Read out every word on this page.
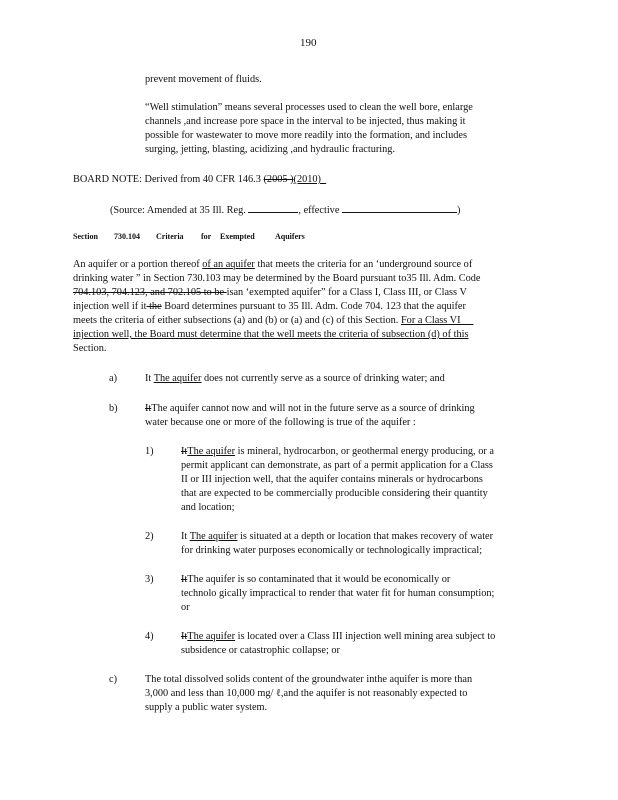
190
prevent movement of fluids.
“Well stimulation” means several processes used to clean the well bore, enlarge
channels ,and increase pore space in the interval to be injected, thus making it
possible for wastewater to move more readily into the formation, and includes
surging, jetting, blasting, acidizing ,and hydraulic fracturing.
BOARD NOTE: Derived from 40 CFR 146.3 (2005 )(2010)
(Source: Amended at 35 Ill. Reg.	, effective	)
Section 730.104 Criteria for Exempted	Aquifers
An aquifer or a portion thereof of an aquifer that meets the criteria for an ‘underground source of
drinking water ” in Section 730.103 may be determined by the Board pursuant to35 Ill. Adm. Code
704.103, 704.123, and 702.105 to be isan ‘exempted aquifer” for a Class I, Class III, or Class V
injection well if it the Board determines pursuant to 35 Ill. Adm. Code 704. 123 that the aquifer
meets the criteria of either subsections (a) and (b) or (a) and (c) of this Section. For a Class VI
injection well, the Board must determine that the well meets the criteria of subsection (d) of this
Section.
a)	It The aquifer does not currently serve as a source of drinking water; and
b)	ItThe aquifer cannot now and will not in the future serve as a source of drinking
water because one or more of the following is true of the aquifer :
1)	ItThe aquifer is mineral, hydrocarbon, or geothermal energy producing, or a
permit applicant can demonstrate, as part of a permit application for a Class
II or III injection well, that the aquifer contains minerals or hydrocarbons
that are expected to be commercially producible considering their quantity
and location;
2)	It The aquifer is situated at a depth or location that makes recovery of water
for drinking water purposes economically or technologically impractical;
3)	ItThe aquifer is so contaminated that it would be economically or
technolo gically impractical to render that water fit for human consumption;
or
4)	ItThe aquifer is located over a Class III injection well mining area subject to
subsidence or catastrophic collapse; or
c)	The total dissolved solids content of the groundwater inthe aquifer is more than
3,000 and less than 10,000 mg/ ℓ,and the aquifer is not reasonably expected to
supply a public water system.
